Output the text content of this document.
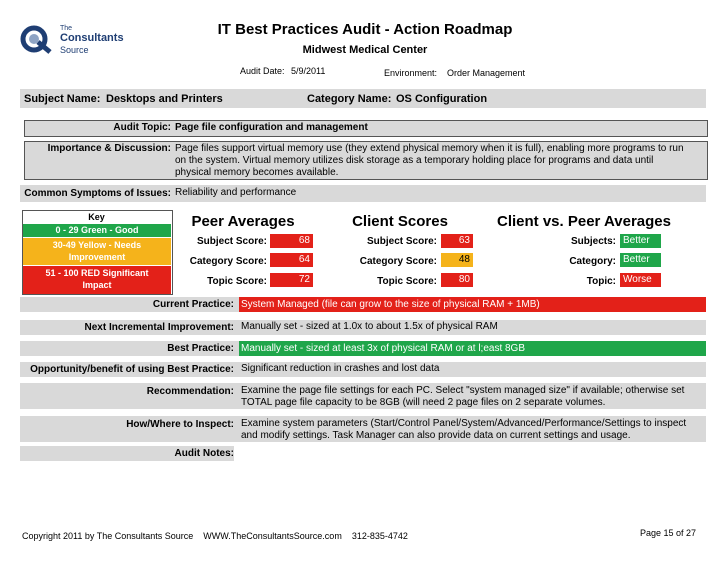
The
Consultants
Source
IT Best Practices Audit - Action Roadmap
Midwest Medical Center
Audit Date: 5/9/2011	Environment: Order Management
Subject Name: Desktops and Printers	Category Name: OS Configuration
Audit Topic: Page file configuration and management
Importance & Discussion: Page files support virtual memory use (they extend physical memory when it is full), enabling more programs to run
on the system. Virtual memory utilizes disk storage as a temporary holding place for programs and data until
physical memory becomes available.
Common Symptoms of Issues: Reliability and performance
Key
0 - 29 Green - Good
30-49 Yellow - Needs
Improvement
51 - 100 RED Significant
Impact
Peer Averages
Subject Score:	68
Category Score:	64
Topic Score:	72
Client Scores
Subject Score:	63
Category Score:	48
Topic Score:	80
Client vs. Peer Averages
Subjects: Better
Category: Better
Topic: Worse
Current Practice: System Managed (file can grow to the size of physical RAM + 1MB)
Next Incremental Improvement: Manually set - sized at 1.0x to about 1.5x of physical RAM
Best Practice: Manually set - sized at least 3x of physical RAM or at l;east 8GB
Opportunity/benefit of using Best Practice: Significant reduction in crashes and lost data
Recommendation: Examine the page file settings for each PC. Select "system managed size" if available; otherwise set
TOTAL page file capacity to be 8GB (will need 2 page files on 2 separate volumes.
How/Where to Inspect: Examine system parameters (Start/Control Panel/System/Advanced/Performance/Settings to inspect
and modify settings. Task Manager can also provide data on current settings and usage.
Audit Notes:
Copyright 2011 by The Consultants Source    WWW.TheConsultantsSource.com    312-835-4742	Page 15 of 27
